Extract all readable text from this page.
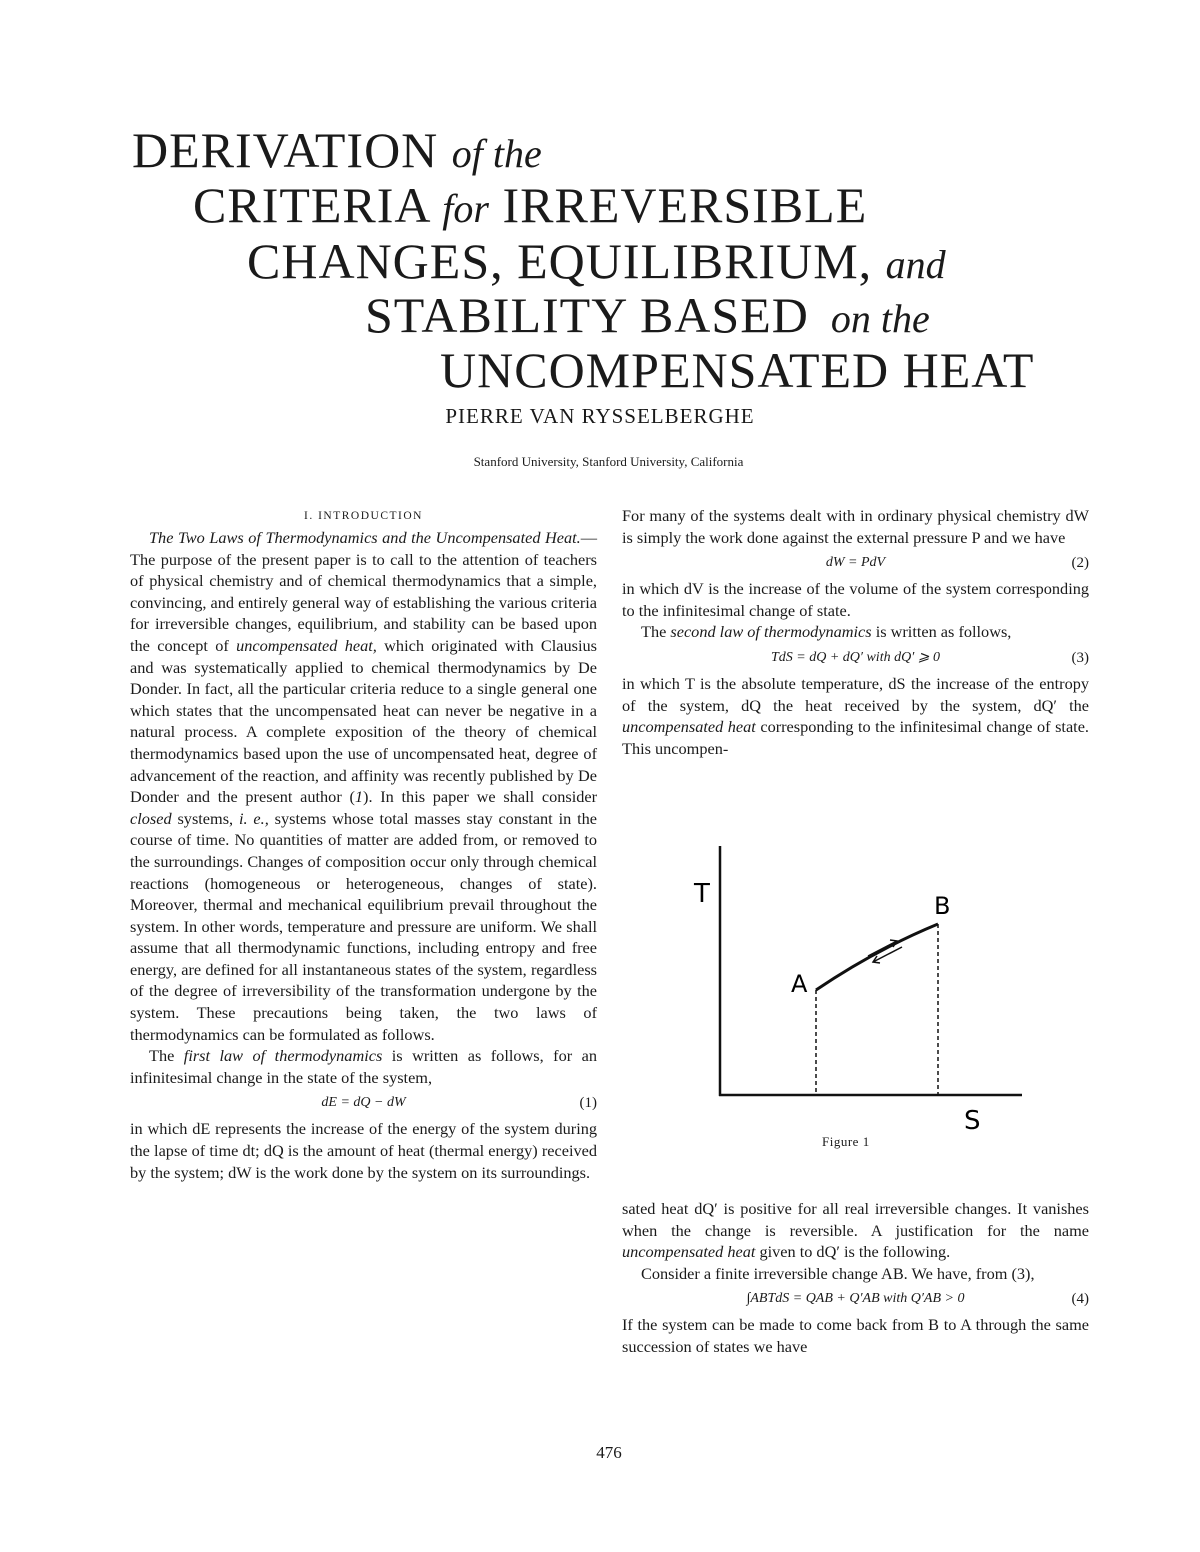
DERIVATION of the
CRITERIA for IRREVERSIBLE
CHANGES, EQUILIBRIUM, and
STABILITY BASED on the
UNCOMPENSATED HEAT
PIERRE VAN RYSSELBERGHE
Stanford University, Stanford University, California

I. INTRODUCTION

The Two Laws of Thermodynamics and the Uncompensated Heat.—The purpose of the present paper is to call to the attention of teachers of physical chemistry and of chemical thermodynamics that a simple, convincing, and entirely general way of establishing the various criteria for irreversible changes, equilibrium, and stability can be based upon the concept of uncompensated heat, which originated with Clausius and was systematically applied to chemical thermodynamics by De Donder. In fact, all the particular criteria reduce to a single general one which states that the uncompensated heat can never be negative in a natural process. A complete exposition of the theory of chemical thermodynamics based upon the use of uncompensated heat, degree of advancement of the reaction, and affinity was recently published by De Donder and the present author (1). In this paper we shall consider closed systems, i. e., systems whose total masses stay constant in the course of time. No quantities of matter are added from, or removed to the surroundings. Changes of composition occur only through chemical reactions (homogeneous or heterogeneous, changes of state). Moreover, thermal and mechanical equilibrium prevail throughout the system. In other words, temperature and pressure are uniform. We shall assume that all thermodynamic functions, including entropy and free energy, are defined for all instantaneous states of the system, regardless of the degree of irreversibility of the transformation undergone by the system. These precautions being taken, the two laws of thermodynamics can be formulated as follows.

The first law of thermodynamics is written as follows, for an infinitesimal change in the state of the system,

dE = dQ − dW	(1)

in which dE represents the increase of the energy of the system during the lapse of time dt; dQ is the amount of heat (thermal energy) received by the system; dW is the work done by the system on its surroundings.

For many of the systems dealt with in ordinary physical chemistry dW is simply the work done against the external pressure P and we have

dW = PdV	(2)

in which dV is the increase of the volume of the system corresponding to the infinitesimal change of state.

The second law of thermodynamics is written as follows,

TdS = dQ + dQ′ with dQ′ ⩾ 0	(3)

in which T is the absolute temperature, dS the increase of the entropy of the system, dQ the heat received by the system, dQ′ the uncompensated heat corresponding to the infinitesimal change of state. This uncompen-

T
S
A
B
Figure 1

sated heat dQ′ is positive for all real irreversible changes. It vanishes when the change is reversible. A justification for the name uncompensated heat given to dQ′ is the following.

Consider a finite irreversible change AB. We have, from (3),

∫ABTdS = QAB + Q′AB with Q′AB > 0	(4)

If the system can be made to come back from B to A through the same succession of states we have

476
